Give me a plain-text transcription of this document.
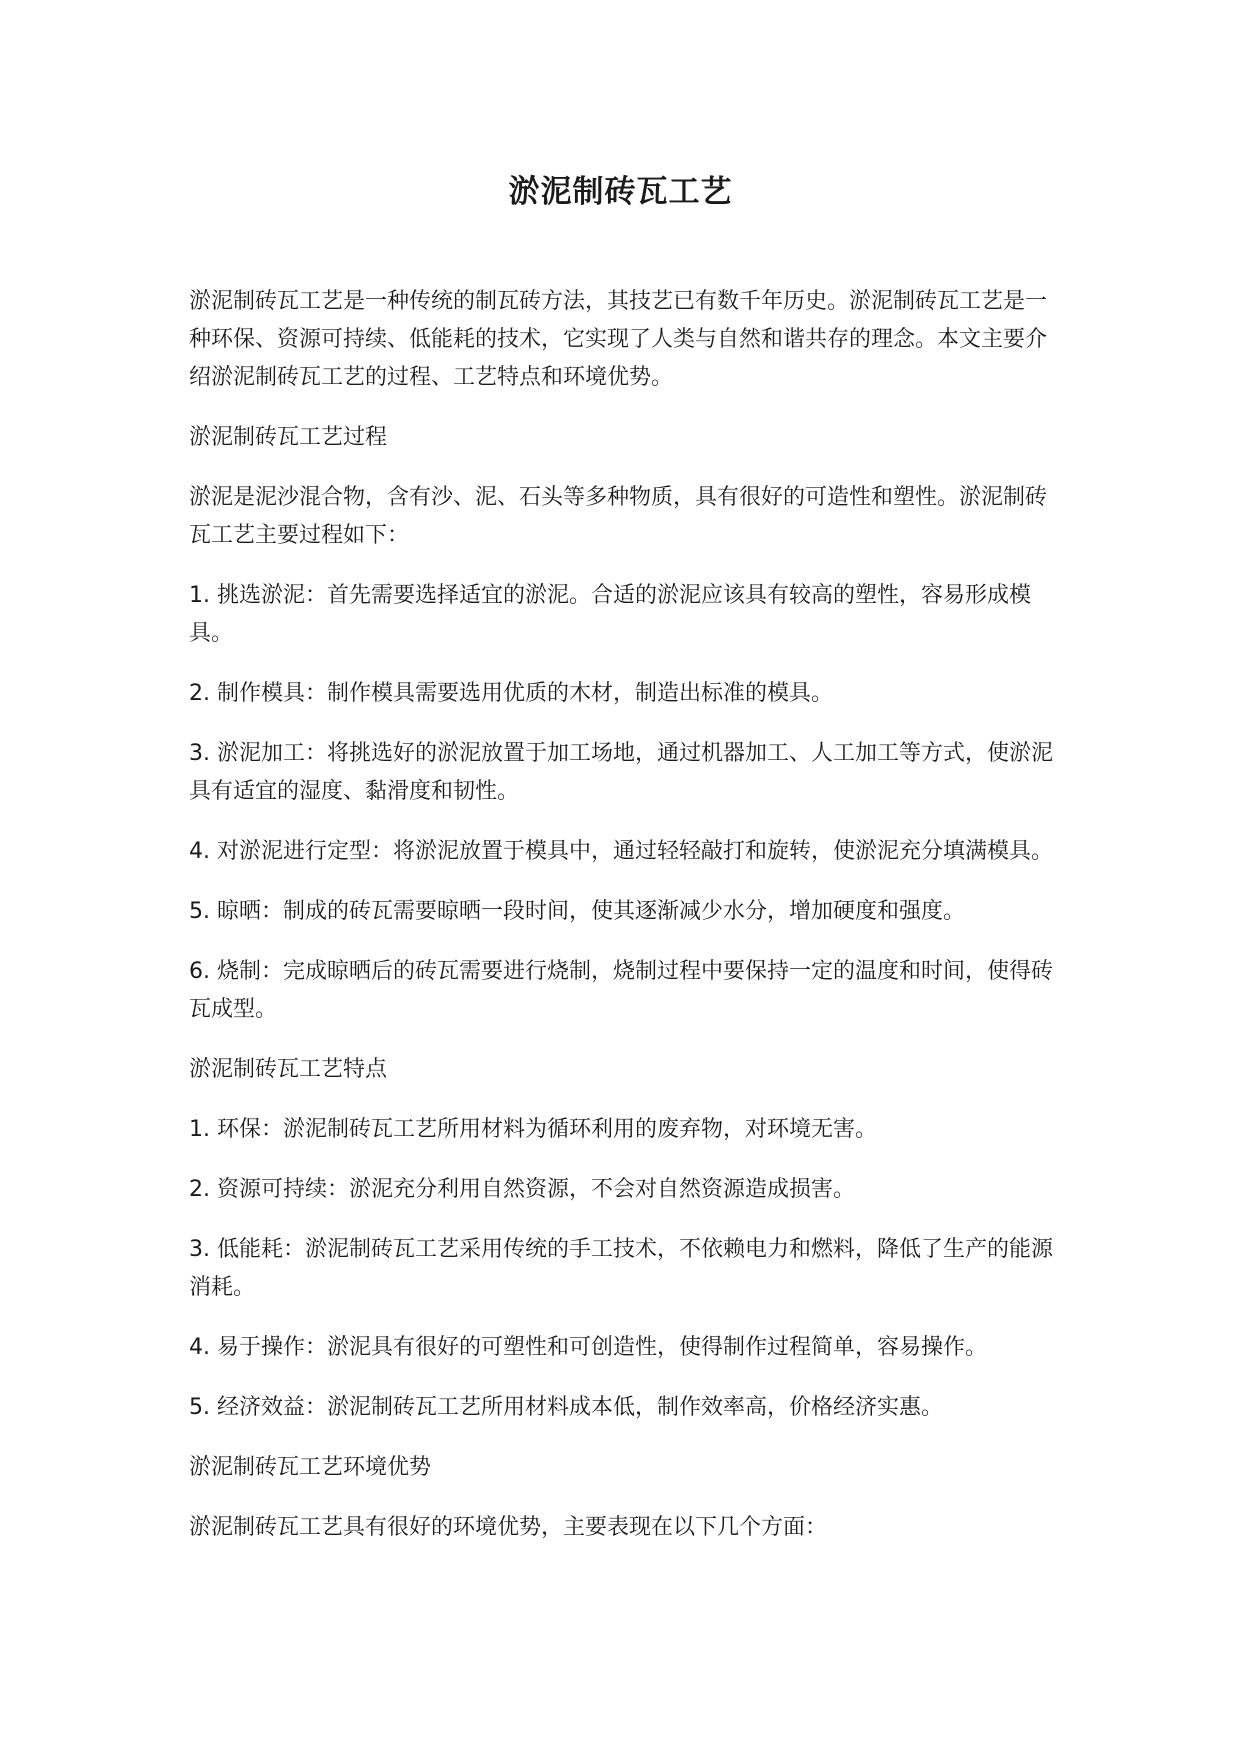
淤泥制砖瓦工艺

淤泥制砖瓦工艺是一种传统的制瓦砖方法，其技艺已有数千年历史。淤泥制砖瓦工艺是一种环保、资源可持续、低能耗的技术，它实现了人类与自然和谐共存的理念。本文主要介绍淤泥制砖瓦工艺的过程、工艺特点和环境优势。

淤泥制砖瓦工艺过程

淤泥是泥沙混合物，含有沙、泥、石头等多种物质，具有很好的可造性和塑性。淤泥制砖瓦工艺主要过程如下：

1. 挑选淤泥：首先需要选择适宜的淤泥。合适的淤泥应该具有较高的塑性，容易形成模具。

2. 制作模具：制作模具需要选用优质的木材，制造出标准的模具。

3. 淤泥加工：将挑选好的淤泥放置于加工场地，通过机器加工、人工加工等方式，使淤泥具有适宜的湿度、黏滑度和韧性。

4. 对淤泥进行定型：将淤泥放置于模具中，通过轻轻敲打和旋转，使淤泥充分填满模具。

5. 晾晒：制成的砖瓦需要晾晒一段时间，使其逐渐减少水分，增加硬度和强度。

6. 烧制：完成晾晒后的砖瓦需要进行烧制，烧制过程中要保持一定的温度和时间，使得砖瓦成型。

淤泥制砖瓦工艺特点

1. 环保：淤泥制砖瓦工艺所用材料为循环利用的废弃物，对环境无害。

2. 资源可持续：淤泥充分利用自然资源，不会对自然资源造成损害。

3. 低能耗：淤泥制砖瓦工艺采用传统的手工技术，不依赖电力和燃料，降低了生产的能源消耗。

4. 易于操作：淤泥具有很好的可塑性和可创造性，使得制作过程简单，容易操作。

5. 经济效益：淤泥制砖瓦工艺所用材料成本低，制作效率高，价格经济实惠。

淤泥制砖瓦工艺环境优势

淤泥制砖瓦工艺具有很好的环境优势，主要表现在以下几个方面：
